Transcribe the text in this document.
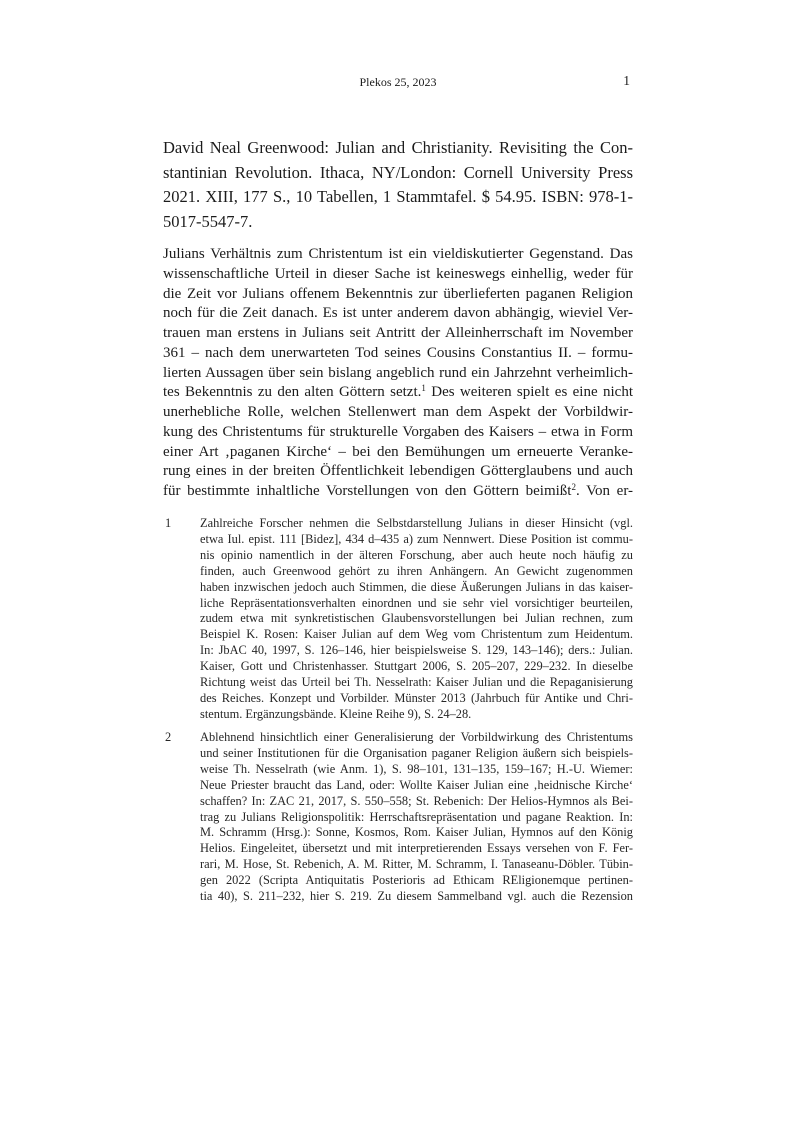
Plekos 25, 2023	1
David Neal Greenwood: Julian and Christianity. Revisiting the Con-
stantinian Revolution. Ithaca, NY/London: Cornell University Press
2021. XIII, 177 S., 10 Tabellen, 1 Stammtafel. $ 54.95. ISBN: 978-1-
5017-5547-7.
Julians Verhältnis zum Christentum ist ein vieldiskutierter Gegenstand. Das
wissenschaftliche Urteil in dieser Sache ist keineswegs einhellig, weder für
die Zeit vor Julians offenem Bekenntnis zur überlieferten paganen Religion
noch für die Zeit danach. Es ist unter anderem davon abhängig, wieviel Ver-
trauen man erstens in Julians seit Antritt der Alleinherrschaft im November
361 – nach dem unerwarteten Tod seines Cousins Constantius II. – formu-
lierten Aussagen über sein bislang angeblich rund ein Jahrzehnt verheimlich-
tes Bekenntnis zu den alten Göttern setzt.$^1$ Des weiteren spielt es eine nicht
unerhebliche Rolle, welchen Stellenwert man dem Aspekt der Vorbildwir-
kung des Christentums für strukturelle Vorgaben des Kaisers – etwa in Form
einer Art ‚paganen Kirche‘ – bei den Bemühungen um erneuerte Veranke-
rung eines in der breiten Öffentlichkeit lebendigen Götterglaubens und auch
für bestimmte inhaltliche Vorstellungen von den Göttern beimißt$^2$. Von er-
1	Zahlreiche Forscher nehmen die Selbstdarstellung Julians in dieser Hinsicht (vgl.
etwa Iul. epist. 111 [Bidez], 434 d–435 a) zum Nennwert. Diese Position ist commu-
nis opinio namentlich in der älteren Forschung, aber auch heute noch häufig zu
finden, auch Greenwood gehört zu ihren Anhängern. An Gewicht zugenommen
haben inzwischen jedoch auch Stimmen, die diese Äußerungen Julians in das kaiser-
liche Repräsentationsverhalten einordnen und sie sehr viel vorsichtiger beurteilen,
zudem etwa mit synkretistischen Glaubensvorstellungen bei Julian rechnen, zum
Beispiel K. Rosen: Kaiser Julian auf dem Weg vom Christentum zum Heidentum.
In: JbAC 40, 1997, S. 126–146, hier beispielsweise S. 129, 143–146); ders.: Julian.
Kaiser, Gott und Christenhasser. Stuttgart 2006, S. 205–207, 229–232. In dieselbe
Richtung weist das Urteil bei Th. Nesselrath: Kaiser Julian und die Repaganisierung
des Reiches. Konzept und Vorbilder. Münster 2013 (Jahrbuch für Antike und Chri-
stentum. Ergänzungsbände. Kleine Reihe 9), S. 24–28.
2	Ablehnend hinsichtlich einer Generalisierung der Vorbildwirkung des Christentums
und seiner Institutionen für die Organisation paganer Religion äußern sich beispiels-
weise Th. Nesselrath (wie Anm. 1), S. 98–101, 131–135, 159–167; H.-U. Wiemer:
Neue Priester braucht das Land, oder: Wollte Kaiser Julian eine ‚heidnische Kirche‘
schaffen? In: ZAC 21, 2017, S. 550–558; St. Rebenich: Der Helios-Hymnos als Bei-
trag zu Julians Religionspolitik: Herrschaftsrepräsentation und pagane Reaktion. In:
M. Schramm (Hrsg.): Sonne, Kosmos, Rom. Kaiser Julian, Hymnos auf den König
Helios. Eingeleitet, übersetzt und mit interpretierenden Essays versehen von F. Fer-
rari, M. Hose, St. Rebenich, A. M. Ritter, M. Schramm, I. Tanaseanu-Döbler. Tübin-
gen 2022 (Scripta Antiquitatis Posterioris ad Ethicam REligionemque pertinen-
tia 40), S. 211–232, hier S. 219. Zu diesem Sammelband vgl. auch die Rezension
